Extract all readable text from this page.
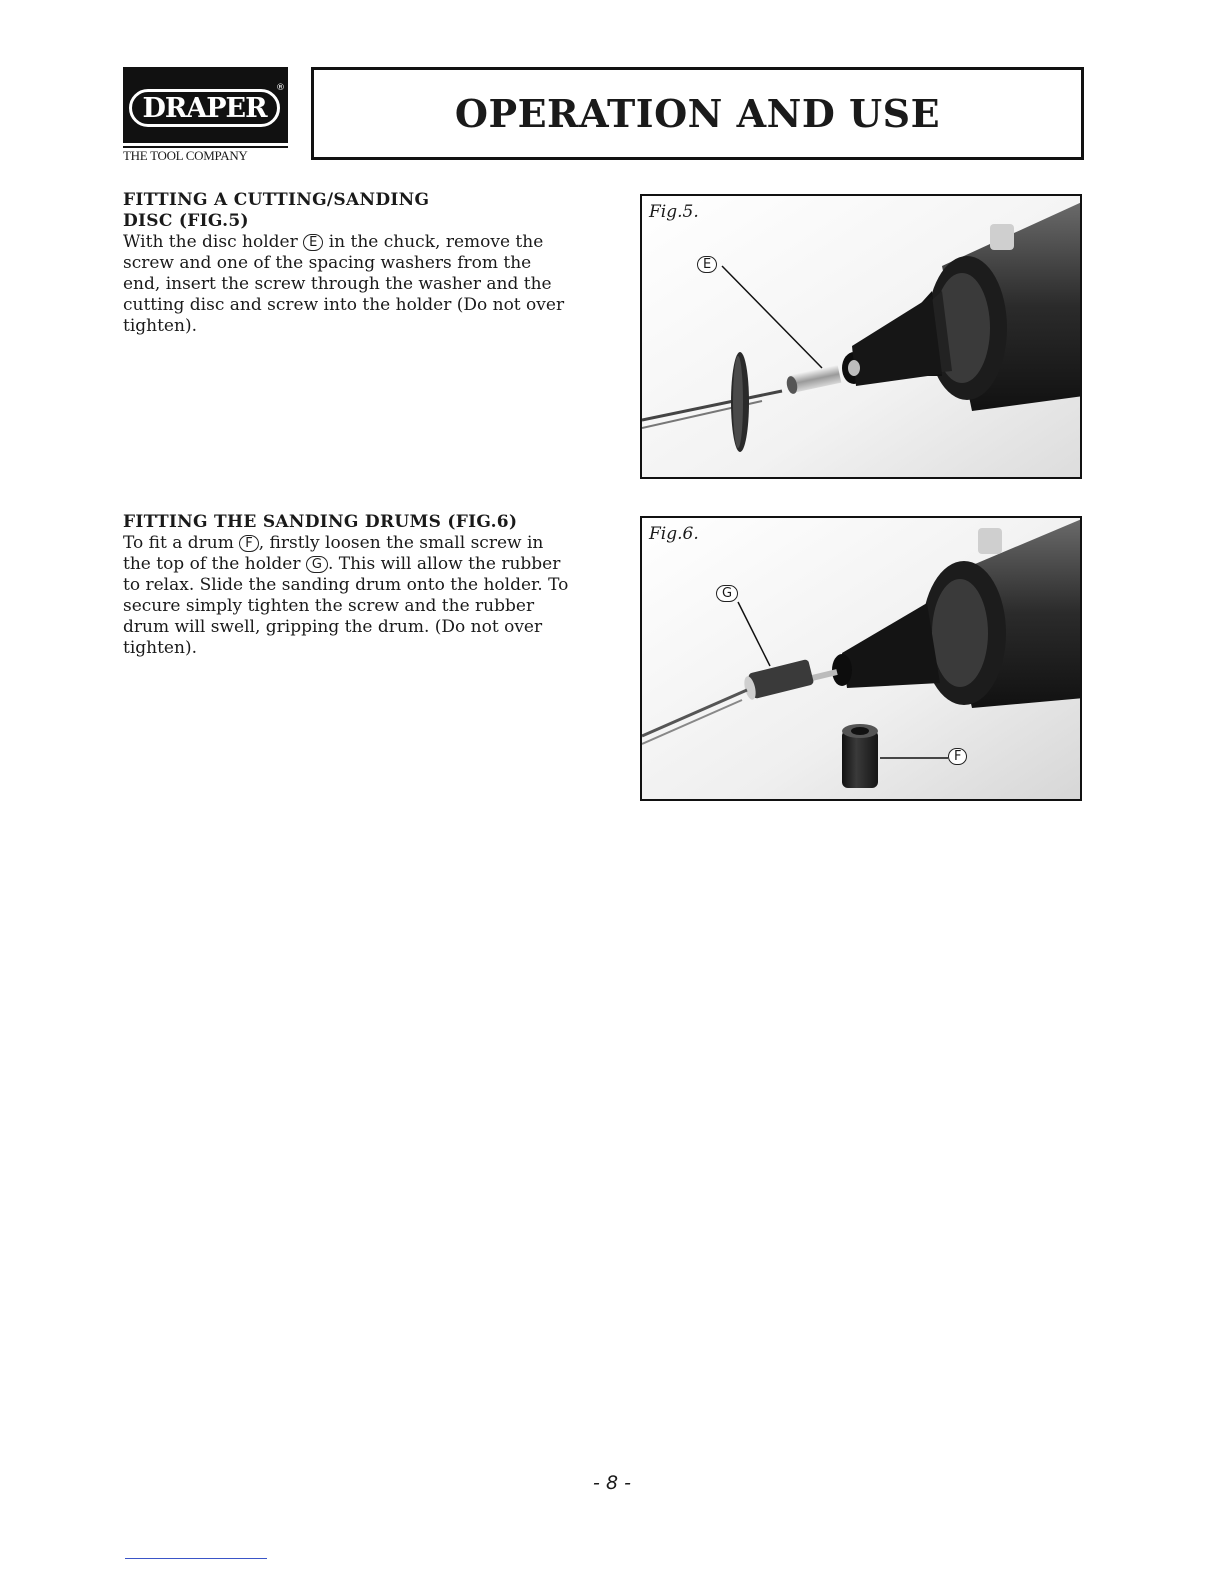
®
DRAPER
THE TOOL COMPANY
OPERATION AND USE
FITTING A CUTTING/SANDING
DISC (FIG.5)

With the disc holder E in the chuck, remove the screw and one of the spacing washers from the end, insert the screw through the washer and the cutting disc and screw into the holder (Do not over tighten).

Fig.5.
E
FITTING THE SANDING DRUMS (FIG.6)

To fit a drum F , firstly loosen the small screw in the top of the holder G . This will allow the rubber to relax. Slide the sanding drum onto the holder. To secure simply tighten the screw and the rubber drum will swell, gripping the drum. (Do not over tighten).

Fig.6.
G
F
- 8 -
